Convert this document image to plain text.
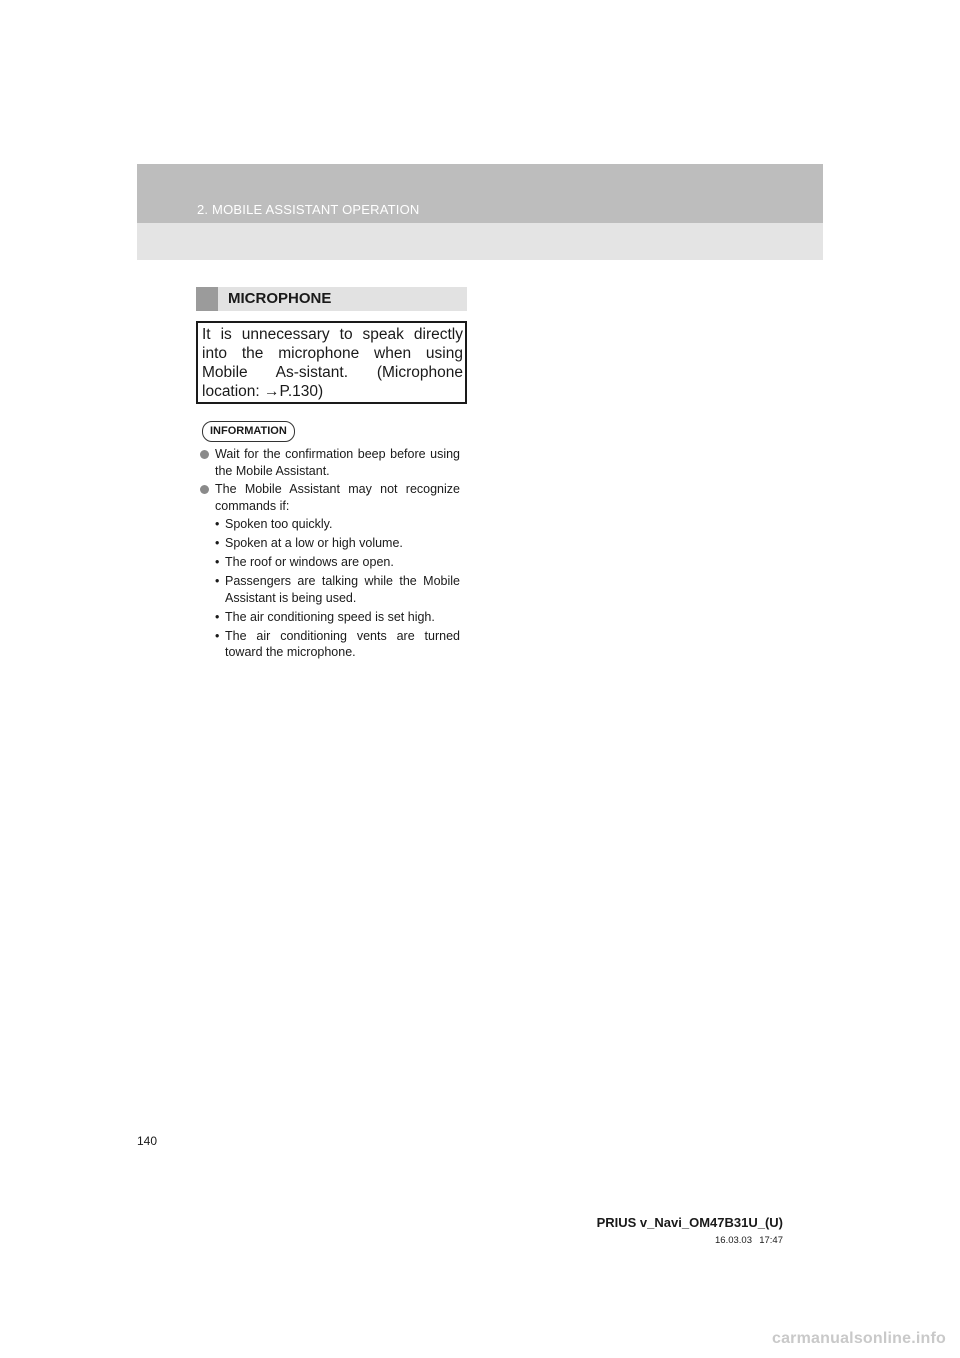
2. MOBILE ASSISTANT OPERATION
MICROPHONE
It is unnecessary to speak directly into the microphone when using Mobile As-sistant. (Microphone location: →P.130)
INFORMATION
Wait for the confirmation beep before using the Mobile Assistant.
The Mobile Assistant may not recognize commands if:
• Spoken too quickly.
• Spoken at a low or high volume.
• The roof or windows are open.
• Passengers are talking while the Mobile Assistant is being used.
• The air conditioning speed is set high.
• The air conditioning vents are turned toward the microphone.
140
PRIUS v_Navi_OM47B31U_(U)
16.03.03 17:47
carmanualsonline.info
